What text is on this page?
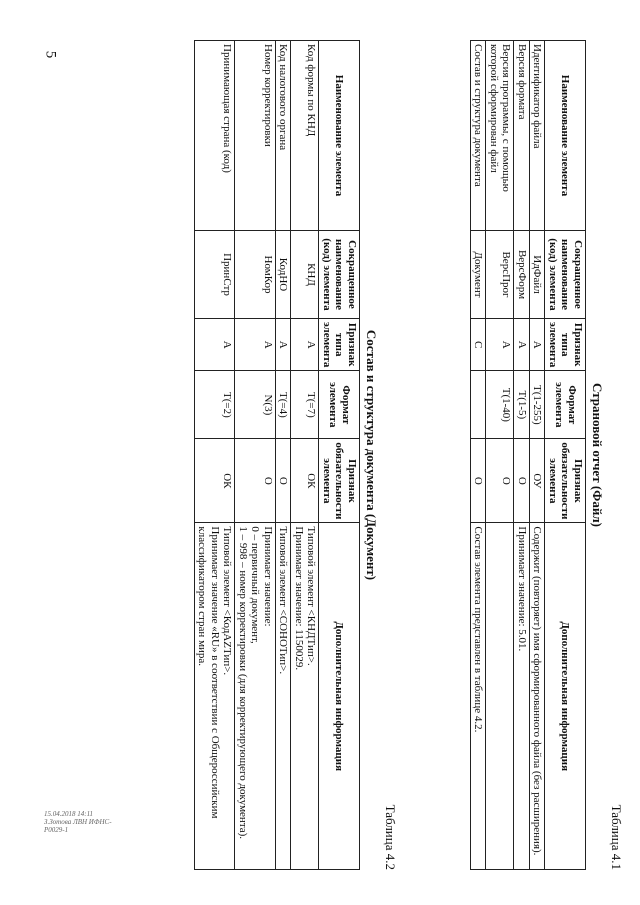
5
Таблица 4.1
Страновой отчет (Файл)
Наименование элемента	Сокращенное наименование (код) элемента	Признак типа элемента	Формат элемента	Признак обязательности элемента	Дополнительная информация
Идентификатор файла	ИдФайл	А	T(1-255)	ОУ	Содержит (повторяет) имя сформированного файла (без расширения).
Версия формата	ВерсФорм	А	T(1-5)	О	Принимает значение: 5.01.
Версия программы, с помощью которой сформирован файл	ВерсПрог	А	T(1-40)	О	
Состав и структура документа	Документ	С		О	Состав элемента представлен в таблице 4.2.
Таблица 4.2
Состав и структура документа (Документ)
Наименование элемента	Сокращенное наименование (код) элемента	Признак типа элемента	Формат элемента	Признак обязательности элемента	Дополнительная информация
Код формы по КНД	КНД	А	T(=7)	ОК	Типовой элемент <КНДТип>.
Принимает значение: 1150029.
Код налогового органа	КодНО	А	T(=4)	О	Типовой элемент <СОНОТип>.
Номер корректировки	НомКор	А	N(3)	О	Принимает значение:
0 – первичный документ,
1 – 998 – номер корректировки (для корректирующего документа).
Принимающая страна (код)	ПринСтр	А	T(=2)	ОК	Типовой элемент <КодАZТип>.
Принимает значение «RU» в соответствии с Общероссийским классификатором стран мира.
15.04.2018 14:11
З.Зотова ЛВН ИФНС-Р0029-1
